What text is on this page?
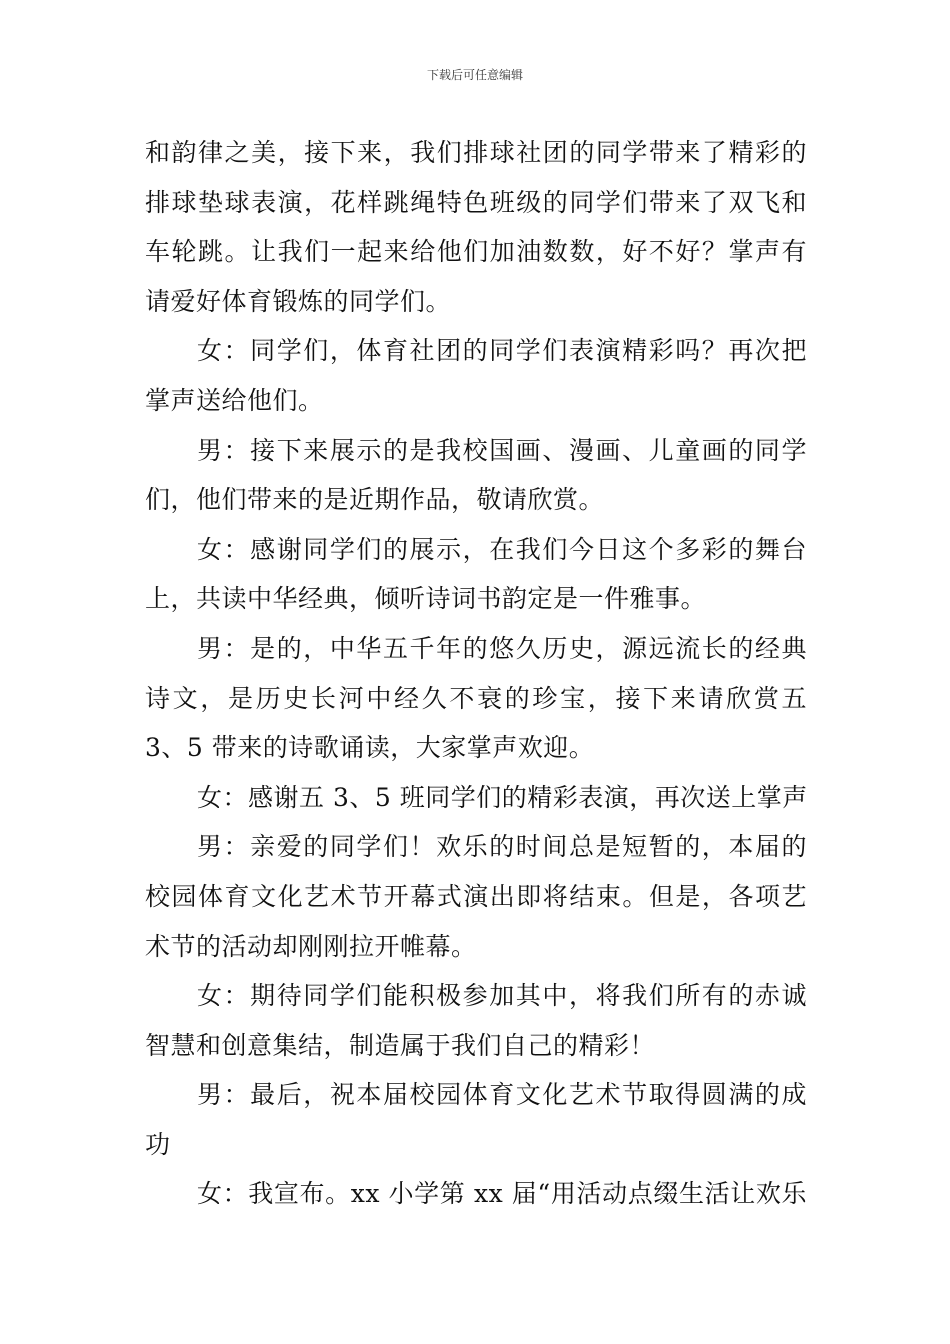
下载后可任意编辑
和韵律之美，接下来，我们排球社团的同学带来了精彩的
排球垫球表演，花样跳绳特色班级的同学们带来了双飞和
车轮跳。让我们一起来给他们加油数数，好不好？掌声有
请爱好体育锻炼的同学们。
女：同学们，体育社团的同学们表演精彩吗？再次把
掌声送给他们。
男：接下来展示的是我校国画、漫画、儿童画的同学
们，他们带来的是近期作品，敬请欣赏。
女：感谢同学们的展示，在我们今日这个多彩的舞台
上，共读中华经典，倾听诗词书韵定是一件雅事。
男：是的，中华五千年的悠久历史，源远流长的经典
诗文，是历史长河中经久不衰的珍宝，接下来请欣赏五
3、5 带来的诗歌诵读，大家掌声欢迎。
女：感谢五 3、5 班同学们的精彩表演，再次送上掌声
男：亲爱的同学们！欢乐的时间总是短暂的，本届的
校园体育文化艺术节开幕式演出即将结束。但是，各项艺
术节的活动却刚刚拉开帷幕。
女：期待同学们能积极参加其中，将我们所有的赤诚
智慧和创意集结，制造属于我们自己的精彩！
男：最后，祝本届校园体育文化艺术节取得圆满的成
功
女：我宣布。xx 小学第 xx 届“用活动点缀生活让欢乐
